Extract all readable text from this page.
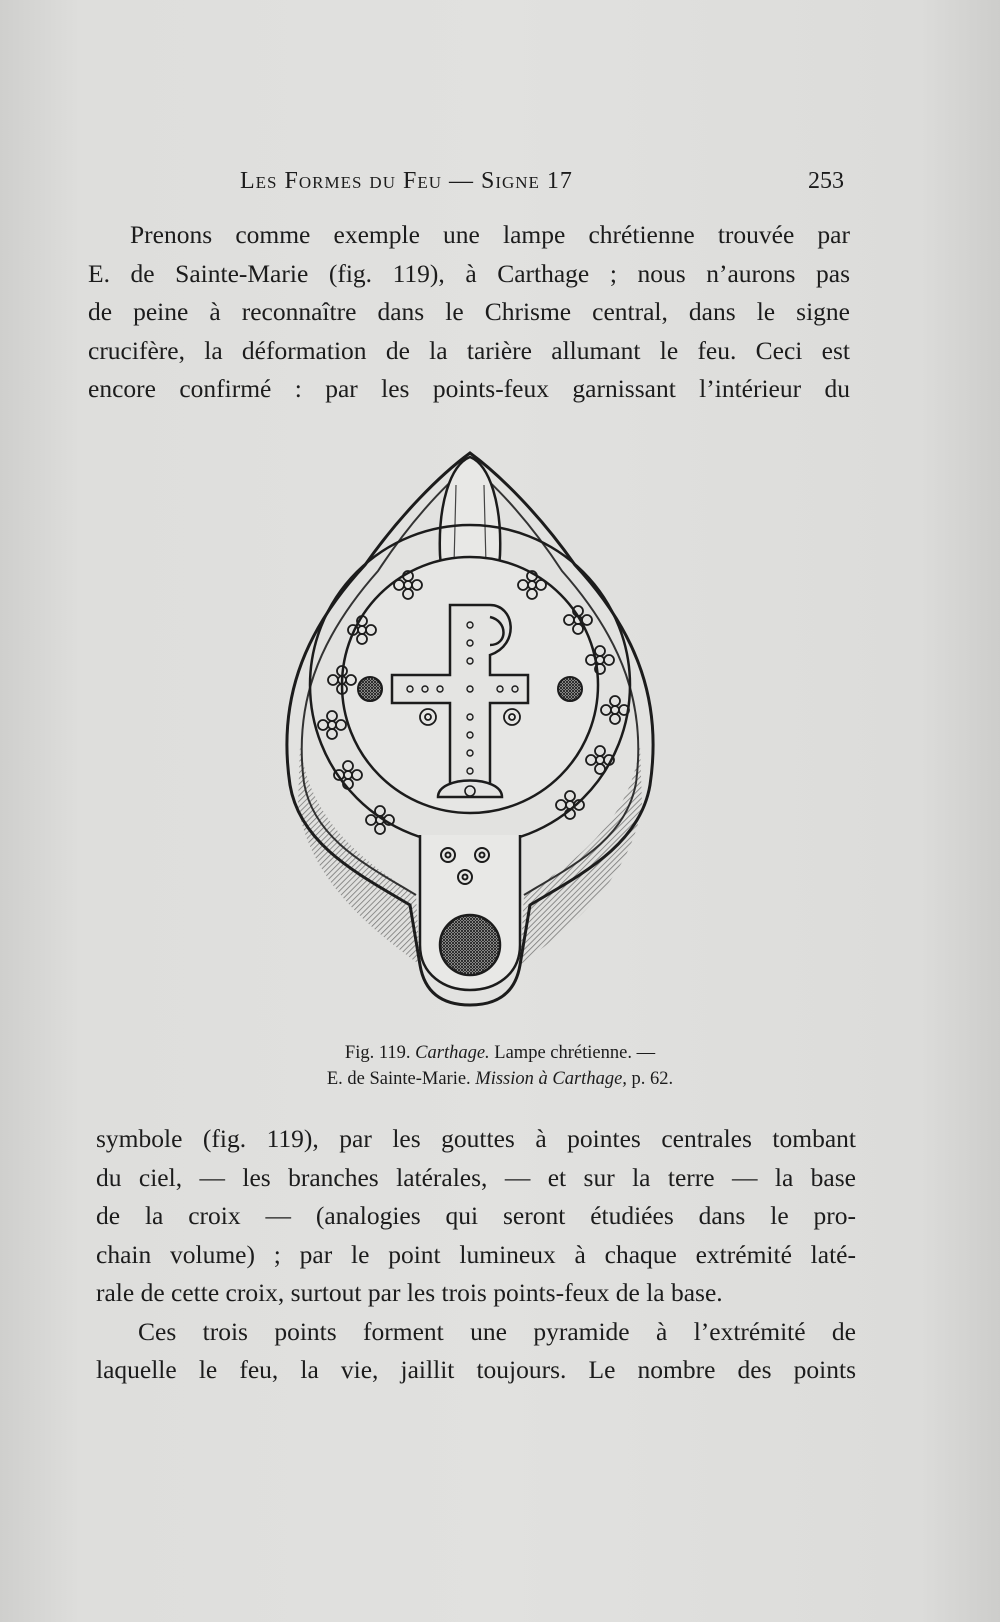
Les Formes du Feu — Signe 17	253
Prenons comme exemple une lampe chrétienne trouvée par
E. de Sainte-Marie (fig. 119), à Carthage ; nous n’aurons pas
de peine à reconnaître dans le Chrisme central, dans le signe
crucifère, la déformation de la tarière allumant le feu. Ceci est
encore confirmé : par les points-feux garnissant l’intérieur du
Fig. 119. Carthage. Lampe chrétienne. —
E. de Sainte-Marie. Mission à Carthage, p. 62.
symbole (fig. 119), par les gouttes à pointes centrales tombant
du ciel, — les branches latérales, — et sur la terre — la base
de la croix — (analogies qui seront étudiées dans le pro-
chain volume) ; par le point lumineux à chaque extrémité laté-
rale de cette croix, surtout par les trois points-feux de la base.
Ces trois points forment une pyramide à l’extrémité de
laquelle le feu, la vie, jaillit toujours. Le nombre des points
